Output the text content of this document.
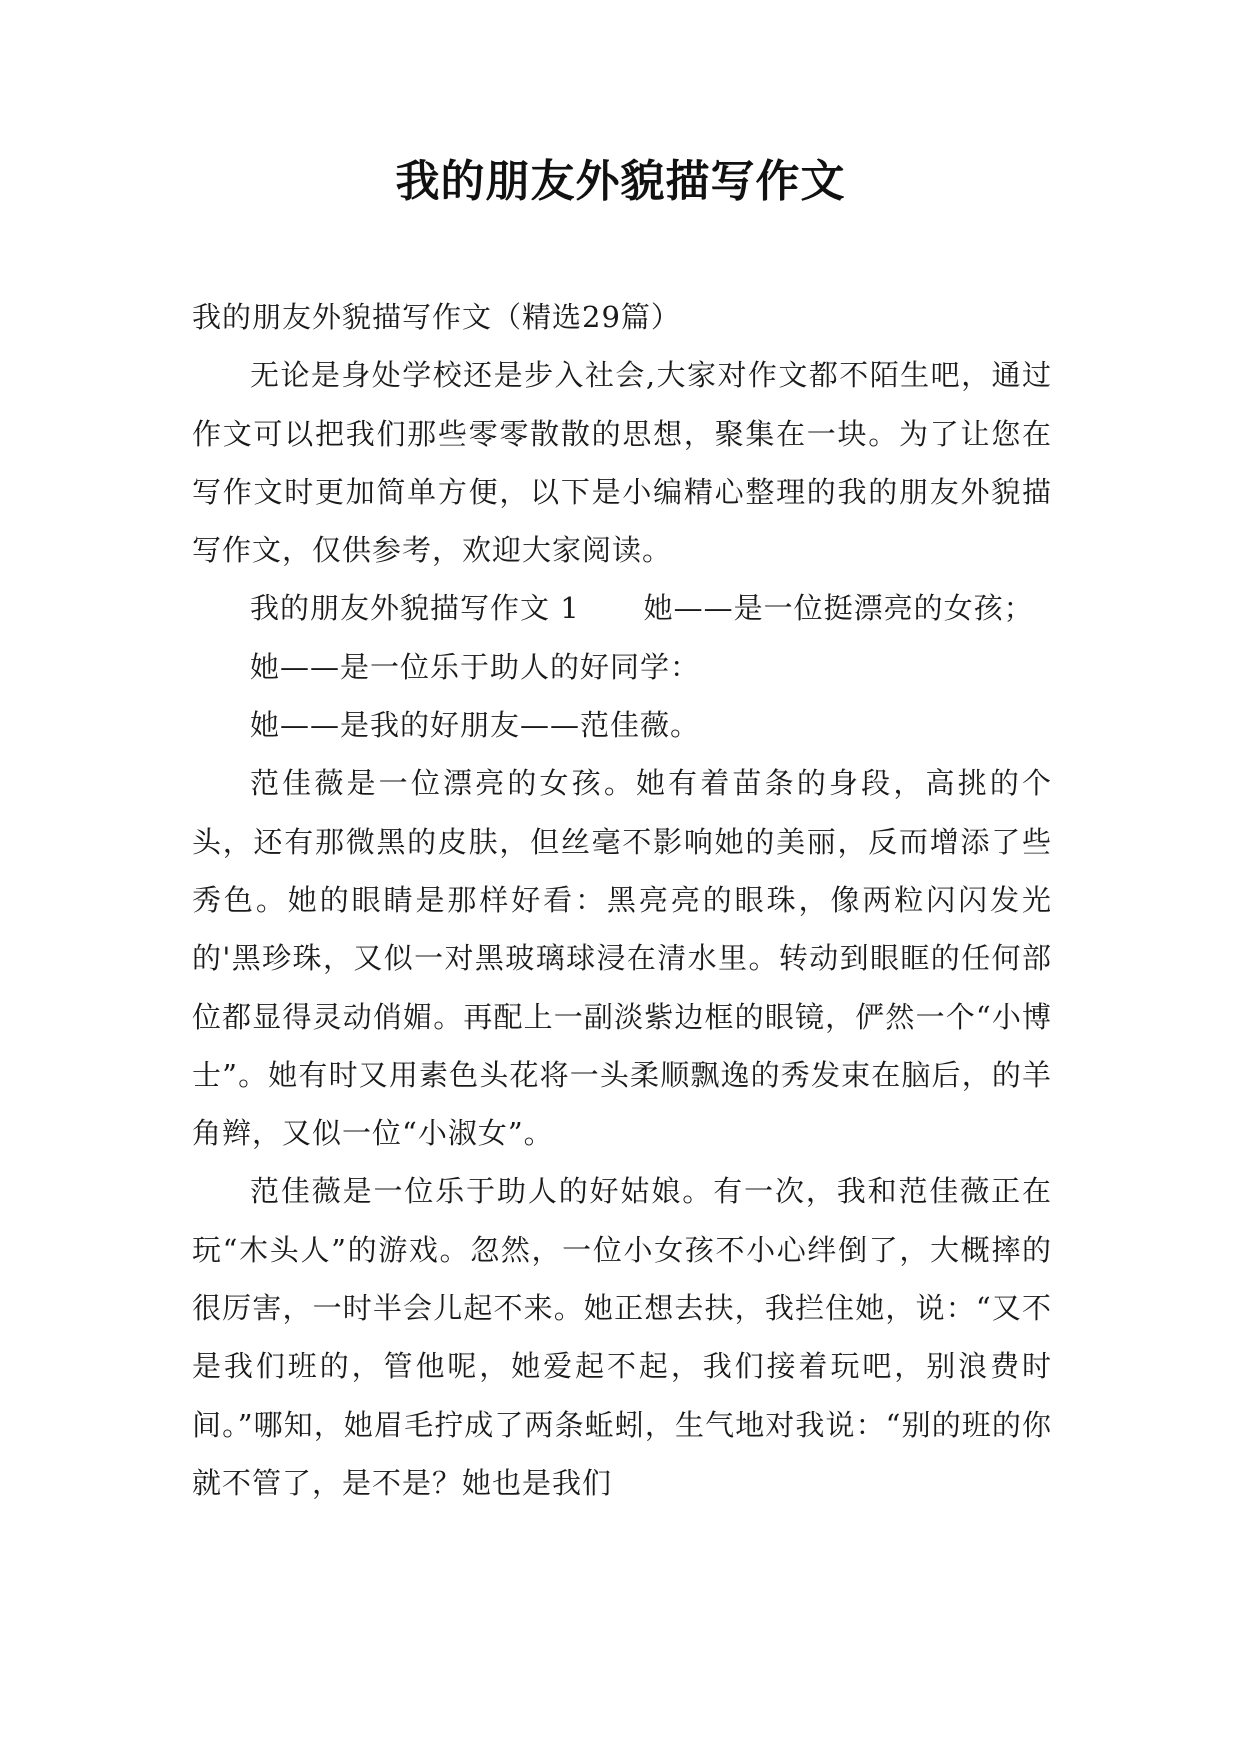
我的朋友外貌描写作文

我的朋友外貌描写作文（精选29篇）

无论是身处学校还是步入社会,大家对作文都不陌生吧，通过作文可以把我们那些零零散散的思想，聚集在一块。为了让您在写作文时更加简单方便，以下是小编精心整理的我的朋友外貌描写作文，仅供参考，欢迎大家阅读。

我的朋友外貌描写作文 1 她——是一位挺漂亮的女孩；

她——是一位乐于助人的好同学：

她——是我的好朋友——范佳薇。

范佳薇是一位漂亮的女孩。她有着苗条的身段，高挑的个头，还有那微黑的皮肤，但丝毫不影响她的美丽，反而增添了些秀色。她的眼睛是那样好看：黑亮亮的眼珠，像两粒闪闪发光的'黑珍珠，又似一对黑玻璃球浸在清水里。转动到眼眶的任何部位都显得灵动俏媚。再配上一副淡紫边框的眼镜，俨然一个“小博士”。她有时又用素色头花将一头柔顺飘逸的秀发束在脑后，的羊角辫，又似一位“小淑女”。

范佳薇是一位乐于助人的好姑娘。有一次，我和范佳薇正在玩“木头人”的游戏。忽然，一位小女孩不小心绊倒了，大概摔的很厉害，一时半会儿起不来。她正想去扶，我拦住她，说：“又不是我们班的，管他呢，她爱起不起，我们接着玩吧，别浪费时间。”哪知，她眉毛拧成了两条蚯蚓，生气地对我说：“别的班的你就不管了，是不是？她也是我们
